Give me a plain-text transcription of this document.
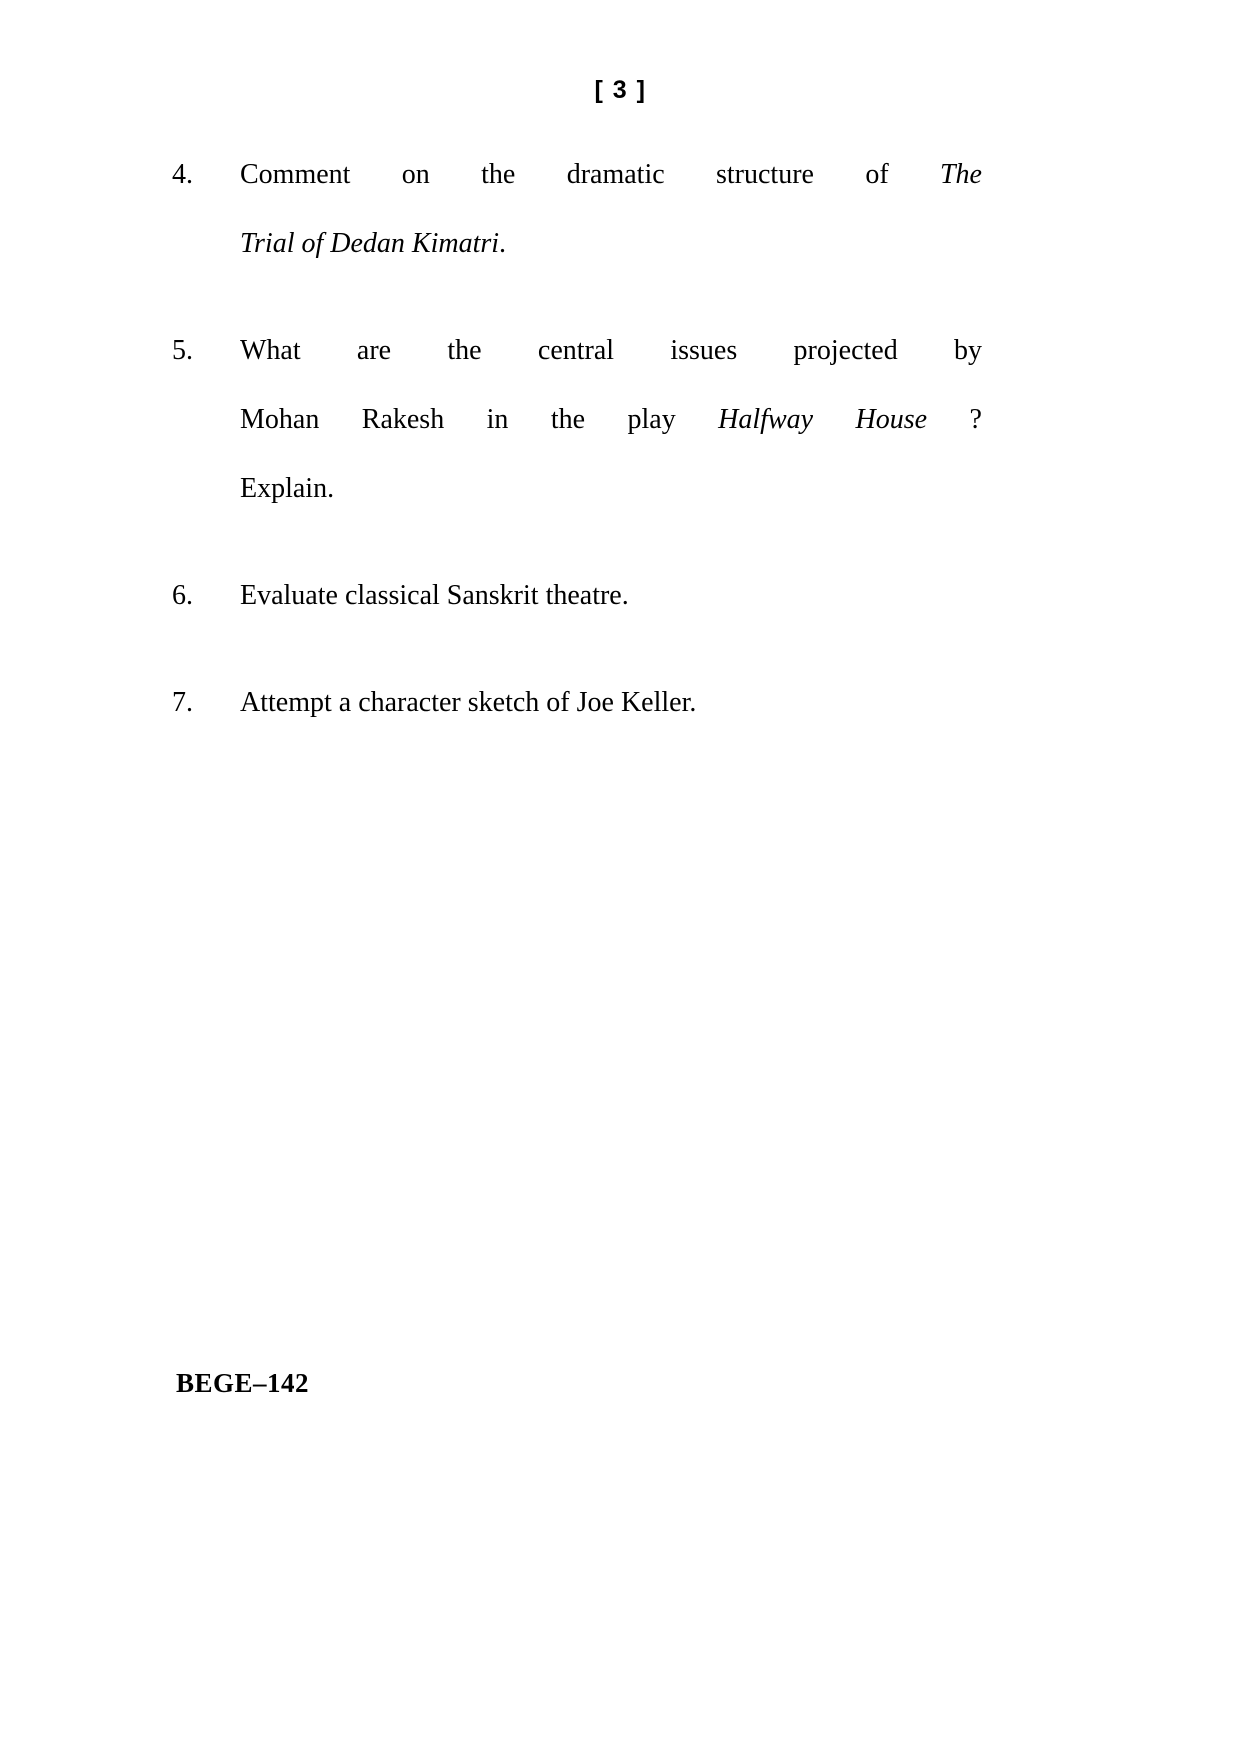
[ 3 ]
4.	Comment on the dramatic structure of The
Trial of Dedan Kimatri.
5.	What are the central issues projected by
Mohan Rakesh in the play Halfway House ?
Explain.
6.	Evaluate classical Sanskrit theatre.
7.	Attempt a character sketch of Joe Keller.
BEGE–142
